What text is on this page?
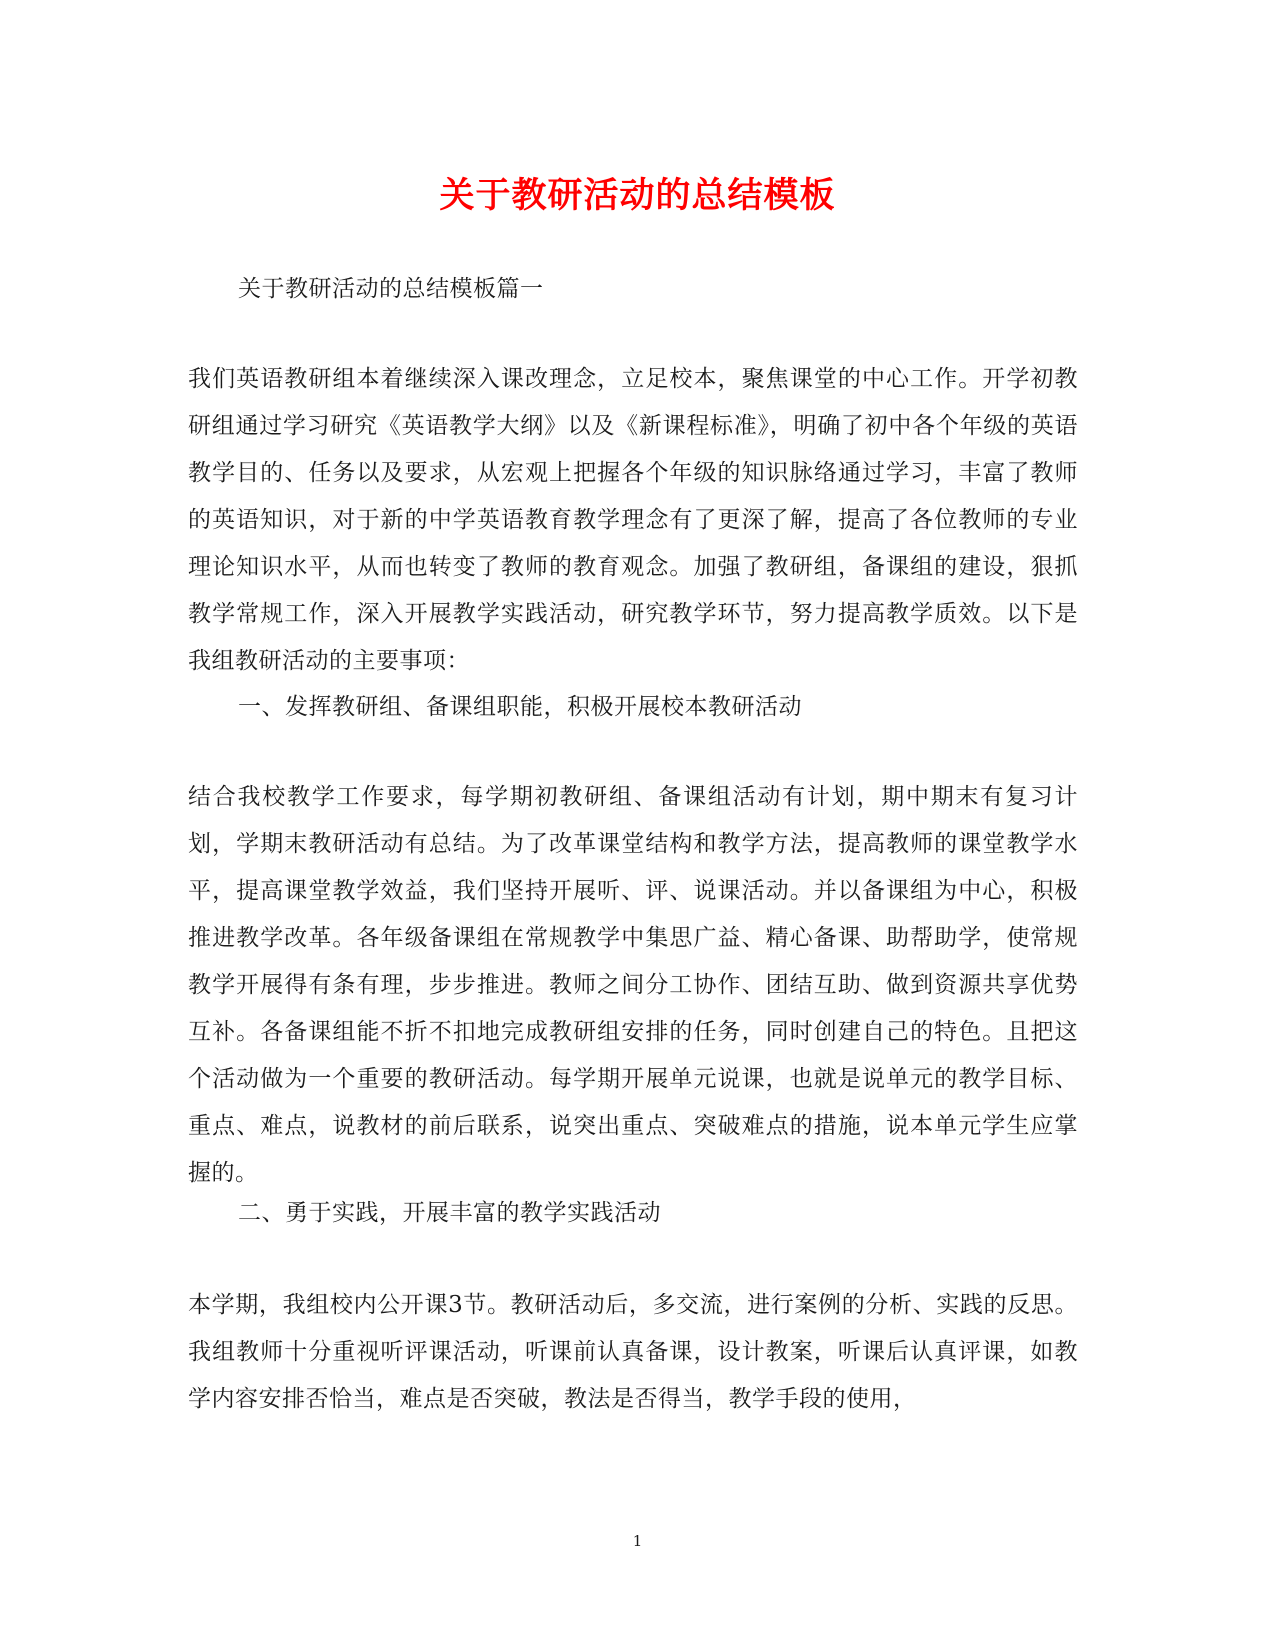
关于教研活动的总结模板

关于教研活动的总结模板篇一

我们英语教研组本着继续深入课改理念，立足校本，聚焦课堂的中心工作。开学初教研组通过学习研究《英语教学大纲》以及《新课程标准》，明确了初中各个年级的英语教学目的、任务以及要求，从宏观上把握各个年级的知识脉络通过学习，丰富了教师的英语知识，对于新的中学英语教育教学理念有了更深了解，提高了各位教师的专业理论知识水平，从而也转变了教师的教育观念。加强了教研组，备课组的建设，狠抓教学常规工作，深入开展教学实践活动，研究教学环节，努力提高教学质效。以下是我组教研活动的主要事项：

一、发挥教研组、备课组职能，积极开展校本教研活动

结合我校教学工作要求，每学期初教研组、备课组活动有计划，期中期末有复习计划，学期末教研活动有总结。为了改革课堂结构和教学方法，提高教师的课堂教学水平，提高课堂教学效益，我们坚持开展听、评、说课活动。并以备课组为中心，积极推进教学改革。各年级备课组在常规教学中集思广益、精心备课、助帮助学，使常规教学开展得有条有理，步步推进。教师之间分工协作、团结互助、做到资源共享优势互补。各备课组能不折不扣地完成教研组安排的任务，同时创建自己的特色。且把这个活动做为一个重要的教研活动。每学期开展单元说课，也就是说单元的教学目标、重点、难点，说教材的前后联系，说突出重点、突破难点的措施，说本单元学生应掌握的。

二、勇于实践，开展丰富的教学实践活动

本学期，我组校内公开课3节。教研活动后，多交流，进行案例的分析、实践的反思。我组教师十分重视听评课活动，听课前认真备课，设计教案，听课后认真评课，如教学内容安排否恰当，难点是否突破，教法是否得当，教学手段的使用，

1
